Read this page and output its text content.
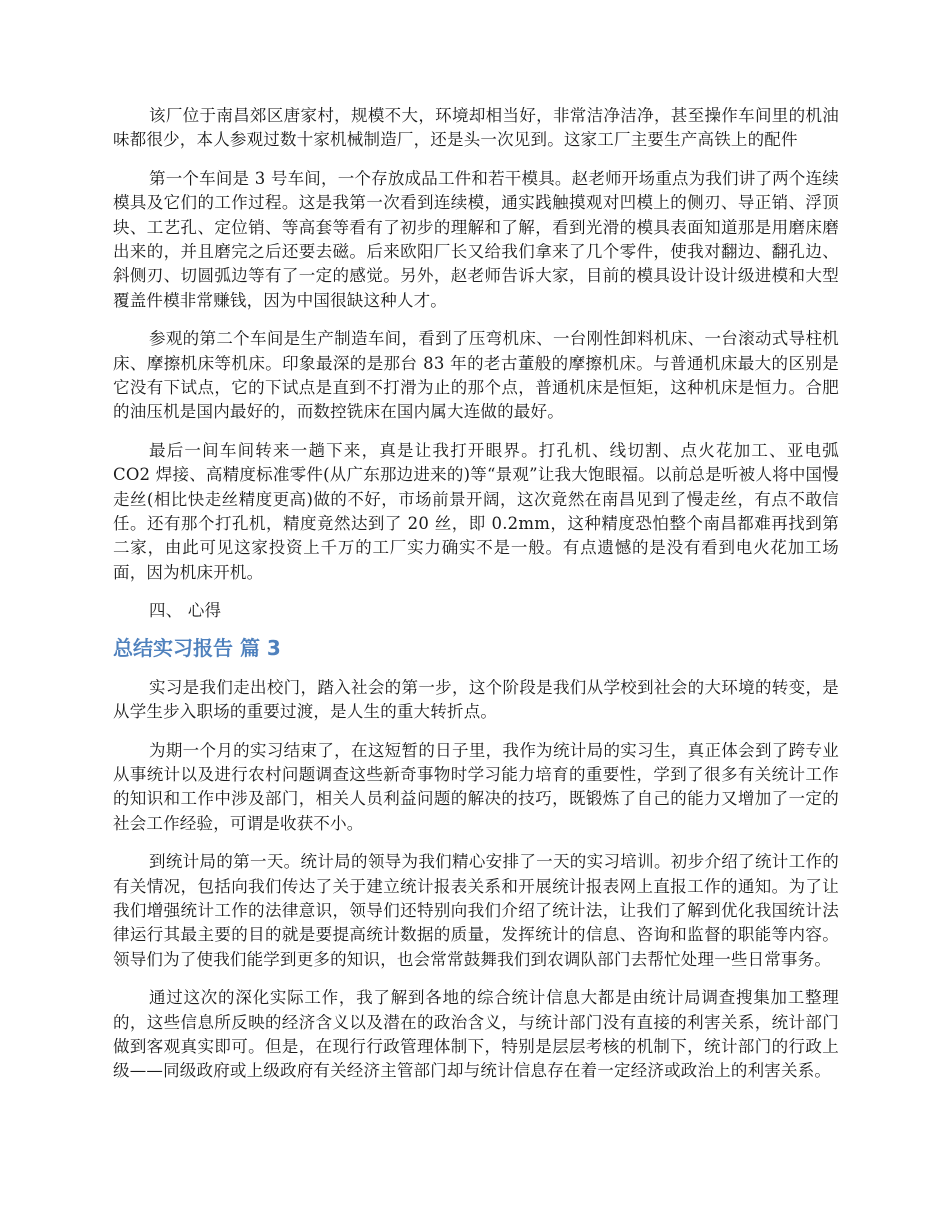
该厂位于南昌郊区唐家村，规模不大，环境却相当好，非常洁净洁净，甚至操作车间里的机油味都很少，本人参观过数十家机械制造厂，还是头一次见到。这家工厂主要生产高铁上的配件

第一个车间是 3 号车间，一个存放成品工件和若干模具。赵老师开场重点为我们讲了两个连续模具及它们的工作过程。这是我第一次看到连续模，通实践触摸观对凹模上的侧刃、导正销、浮顶块、工艺孔、定位销、等高套等看有了初步的理解和了解，看到光滑的模具表面知道那是用磨床磨出来的，并且磨完之后还要去磁。后来欧阳厂长又给我们拿来了几个零件，使我对翻边、翻孔边、斜侧刃、切圆弧边等有了一定的感觉。另外，赵老师告诉大家，目前的模具设计设计级进模和大型覆盖件模非常赚钱，因为中国很缺这种人才。

参观的第二个车间是生产制造车间，看到了压弯机床、一台刚性卸料机床、一台滚动式导柱机床、摩擦机床等机床。印象最深的是那台 83 年的老古董般的摩擦机床。与普通机床最大的区别是它没有下试点，它的下试点是直到不打滑为止的那个点，普通机床是恒矩，这种机床是恒力。合肥的油压机是国内最好的，而数控铣床在国内属大连做的最好。

最后一间车间转来一趟下来，真是让我打开眼界。打孔机、线切割、点火花加工、亚电弧 CO2 焊接、高精度标准零件(从广东那边进来的)等“景观”让我大饱眼福。以前总是听被人将中国慢走丝(相比快走丝精度更高)做的不好，市场前景开阔，这次竟然在南昌见到了慢走丝，有点不敢信任。还有那个打孔机，精度竟然达到了 20 丝，即 0.2mm，这种精度恐怕整个南昌都难再找到第二家，由此可见这家投资上千万的工厂实力确实不是一般。有点遗憾的是没有看到电火花加工场面，因为机床开机。

四、 心得

总结实习报告 篇 3

实习是我们走出校门，踏入社会的第一步，这个阶段是我们从学校到社会的大环境的转变，是从学生步入职场的重要过渡，是人生的重大转折点。

为期一个月的实习结束了，在这短暂的日子里，我作为统计局的实习生，真正体会到了跨专业从事统计以及进行农村问题调查这些新奇事物时学习能力培育的重要性，学到了很多有关统计工作的知识和工作中涉及部门，相关人员利益问题的解决的技巧，既锻炼了自己的能力又增加了一定的社会工作经验，可谓是收获不小。

到统计局的第一天。统计局的领导为我们精心安排了一天的实习培训。初步介绍了统计工作的有关情况，包括向我们传达了关于建立统计报表关系和开展统计报表网上直报工作的通知。为了让我们增强统计工作的法律意识，领导们还特别向我们介绍了统计法，让我们了解到优化我国统计法律运行其最主要的目的就是要提高统计数据的质量，发挥统计的信息、咨询和监督的职能等内容。领导们为了使我们能学到更多的知识，也会常常鼓舞我们到农调队部门去帮忙处理一些日常事务。

通过这次的深化实际工作，我了解到各地的综合统计信息大都是由统计局调查搜集加工整理的，这些信息所反映的经济含义以及潜在的政治含义，与统计部门没有直接的利害关系，统计部门做到客观真实即可。但是，在现行行政管理体制下，特别是层层考核的机制下，统计部门的行政上级——同级政府或上级政府有关经济主管部门却与统计信息存在着一定经济或政治上的利害关系。
